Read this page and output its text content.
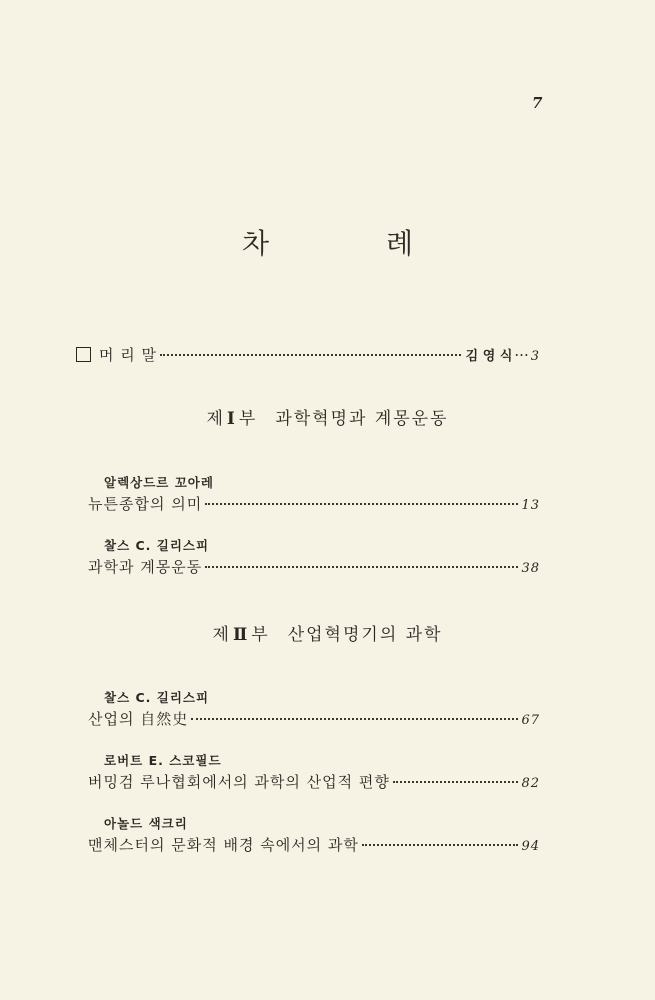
7
차 례
머 리 말	김 영 식 ··· 3
제 Ⅰ 부 과학혁명과 계몽운동
알렉상드르 꼬아레
뉴튼종합의 의미	13
찰스 C. 길리스피
과학과 계몽운동	38
제 Ⅱ 부 산업혁명기의 과학
찰스 C. 길리스피
산업의 自然史	67
로버트 E. 스코필드
버밍검 루나협회에서의 과학의 산업적 편향	82
아놀드 색크리
맨체스터의 문화적 배경 속에서의 과학	94
